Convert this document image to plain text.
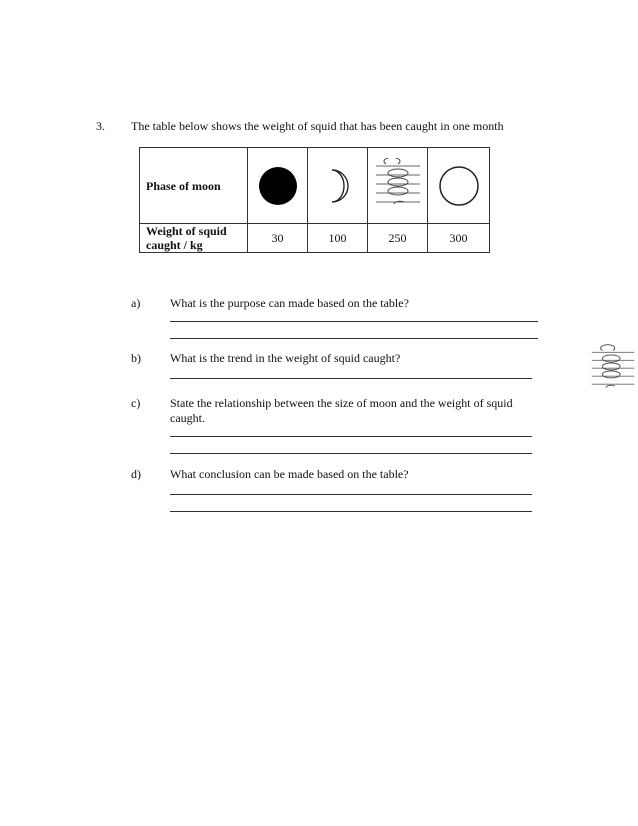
3. The table below shows the weight of squid that has been caught in one month
Phase of moon	

Weight of squid
caught / kg	30	100	250	300
a) What is the purpose can made based on the table?
b) What is the trend in the weight of squid caught?
c) State the relationship between the size of moon and the weight of squid caught.
d) What conclusion can be made based on the table?
